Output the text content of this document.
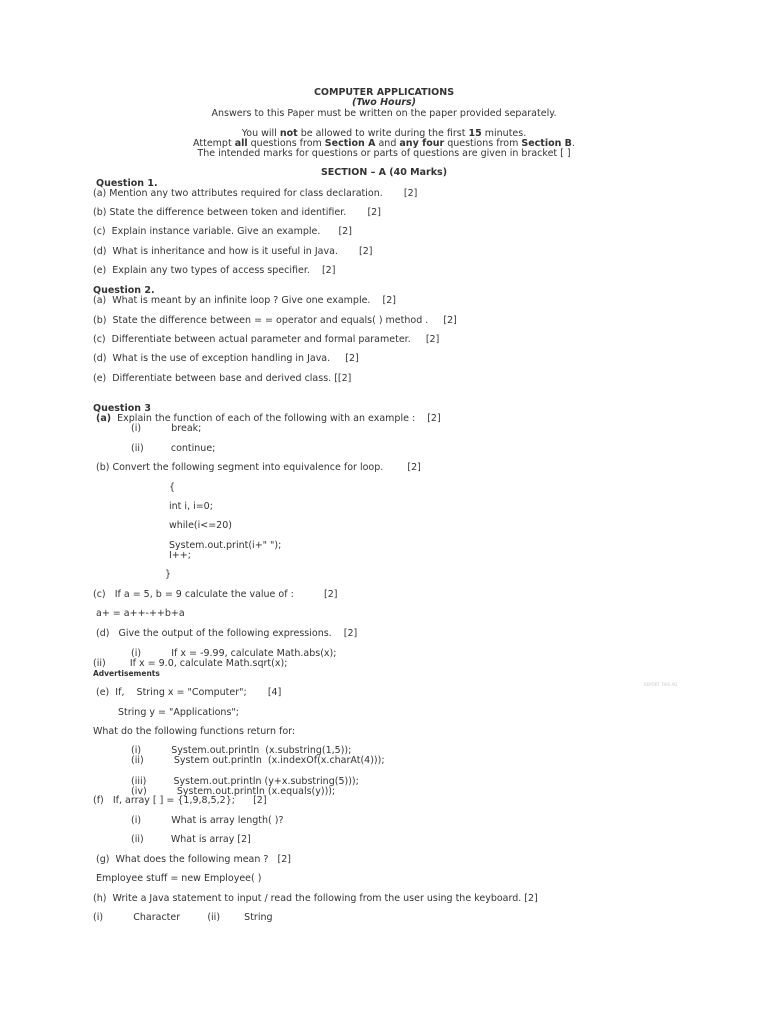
COMPUTER APPLICATIONS
(Two Hours)
Answers to this Paper must be written on the paper provided separately.
You will not be allowed to write during the first 15 minutes.
Attempt all questions from Section A and any four questions from Section B.
The intended marks for questions or parts of questions are given in bracket [ ]
SECTION – A (40 Marks)
Question 1.
(a) Mention any two attributes required for class declaration.       [2]
(b) State the difference between token and identifier.       [2]
(c)  Explain instance variable. Give an example.      [2]
(d)  What is inheritance and how is it useful in Java.       [2]
(e)  Explain any two types of access specifier.    [2]
Question 2.
(a)  What is meant by an infinite loop ? Give one example.    [2]
(b)  State the difference between = = operator and equals( ) method .     [2]
(c)  Differentiate between actual parameter and formal parameter.     [2]
(d)  What is the use of exception handling in Java.     [2]
(e)  Differentiate between base and derived class. [[2]
Question 3
(a)  Explain the function of each of the following with an example :    [2]
(i)          break;
(ii)         continue;
(b) Convert the following segment into equivalence for loop.        [2]
{
int i, i=0;
while(i<=20)
System.out.print(i+" ");
I++;
}
(c)   If a = 5, b = 9 calculate the value of :          [2]
a+ = a++-++b+a
(d)   Give the output of the following expressions.    [2]
(i)          If x = -9.99, calculate Math.abs(x);
(ii)        If x = 9.0, calculate Math.sqrt(x);
Advertisements
REPORT THIS AD
(e)  If,    String x = "Computer";       [4]
String y = "Applications";
What do the following functions return for:
(i)          System.out.println  (x.substring(1,5));
(ii)          System out.println  (x.indexOf(x.charAt(4)));
(iii)         System.out.println (y+x.substring(5)));
(iv)          System.out.println (x.equals(y)));
(f)   If, array [ ] = {1,9,8,5,2};      [2]
(i)          What is array length( )?
(ii)         What is array [2]
(g)  What does the following mean ?   [2]
Employee stuff = new Employee( )
(h)  Write a Java statement to input / read the following from the user using the keyboard. [2]
(i)          Character         (ii)        String
